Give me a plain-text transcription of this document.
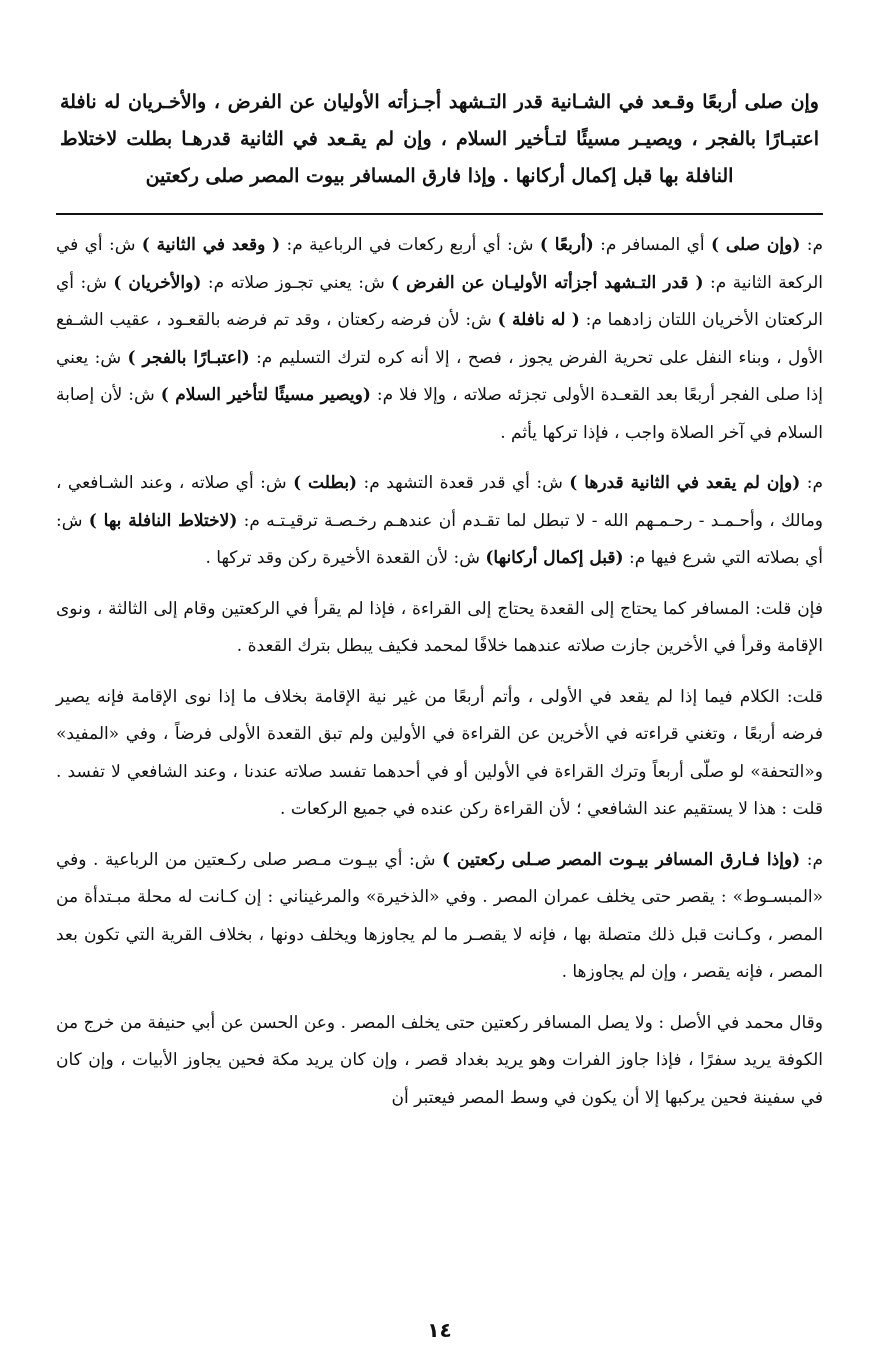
وإن صلى أربعًا وقـعد في الشـانية قدر التـشهد أجـزأته الأوليان عن الفرض ، والأخـريان له نافلة اعتبـارًا بالفجر ، ويصيـر مسيئًا لتـأخير السلام ، وإن لم يقـعد في الثانية قدرهـا بطلت لاختلاط النافلة بها قبل إكمال أركانها . وإذا فارق المسافر بيوت المصر صلى ركعتين

م: (وإن صلى ) أي المسافر م: (أربعًا ) ش: أي أربع ركعات في الرباعية م: ( وقعد في الثانية ) ش: أي في الركعة الثانية م: ( قدر التـشهد أجزأته الأوليـان عن الفرض ) ش: يعني تجـوز صلاته م: (والأخريان ) ش: أي الركعتان الأخريان اللتان زادهما م: ( له نافلة ) ش: لأن فرضه ركعتان ، وقد تم فرضه بالقعـود ، عقيب الشـفع الأول ، وبناء النفل على تحرية الفرض يجوز ، فصح ، إلا أنه كره لترك التسليم م: (اعتبـارًا بالفجر ) ش: يعني إذا صلى الفجر أربعًا بعد القعـدة الأولى تجزئه صلاته ، وإلا فلا م: (ويصير مسيئًا لتأخير السلام ) ش: لأن إصابة السلام في آخر الصلاة واجب ، فإذا تركها يأثم .

م: (وإن لم يقعد في الثانية قدرها ) ش: أي قدر قعدة التشهد م: (بطلت ) ش: أي صلاته ، وعند الشـافعي ، ومالك ، وأحـمـد - رحـمـهم الله - لا تبطل لما تقـدم أن عندهـم رخـصـة ترقيـتـه م: (لاختلاط النافلة بها ) ش: أي بصلاته التي شرع فيها م: (قبل إكمال أركانها) ش: لأن القعدة الأخيرة ركن وقد تركها .

فإن قلت: المسافر كما يحتاج إلى القعدة يحتاج إلى القراءة ، فإذا لم يقرأ في الركعتين وقام إلى الثالثة ، ونوى الإقامة وقرأ في الأخرين جازت صلاته عندهما خلافًا لمحمد فكيف يبطل بترك القعدة .

قلت: الكلام فيما إذا لم يقعد في الأولى ، وأتم أربعًا من غير نية الإقامة بخلاف ما إذا نوى الإقامة فإنه يصير فرضه أربعًا ، وتغني قراءته في الأخرين عن القراءة في الأولين ولم تبق القعدة الأولى فرضاً ، وفي «المفيد» و«التحفة» لو صلّى أربعاً وترك القراءة في الأولين أو في أحدهما تفسد صلاته عندنا ، وعند الشافعي لا تفسد . قلت : هذا لا يستقيم عند الشافعي ؛ لأن القراءة ركن عنده في جميع الركعات .

م: (وإذا فـارق المسافر بيـوت المصر صـلى ركعتين ) ش: أي بيـوت مـصر صلى ركـعتين من الرباعية . وفي «المبسـوط» : يقصر حتى يخلف عمران المصر . وفي «الذخيرة» والمرغيناني : إن كـانت له محلة مبـتدأة من المصر ، وكـانت قبل ذلك متصلة بها ، فإنه لا يقصـر ما لم يجاوزها ويخلف دونها ، بخلاف القرية التي تكون بعد المصر ، فإنه يقصر ، وإن لم يجاوزها .

وقال محمد في الأصل : ولا يصل المسافر ركعتين حتى يخلف المصر . وعن الحسن عن أبي حنيفة من خرج من الكوفة يريد سفرًا ، فإذا جاوز الفرات وهو يريد بغداد قصر ، وإن كان يريد مكة فحين يجاوز الأبيات ، وإن كان في سفينة فحين يركبها إلا أن يكون في وسط المصر فيعتبر أن

١٤
